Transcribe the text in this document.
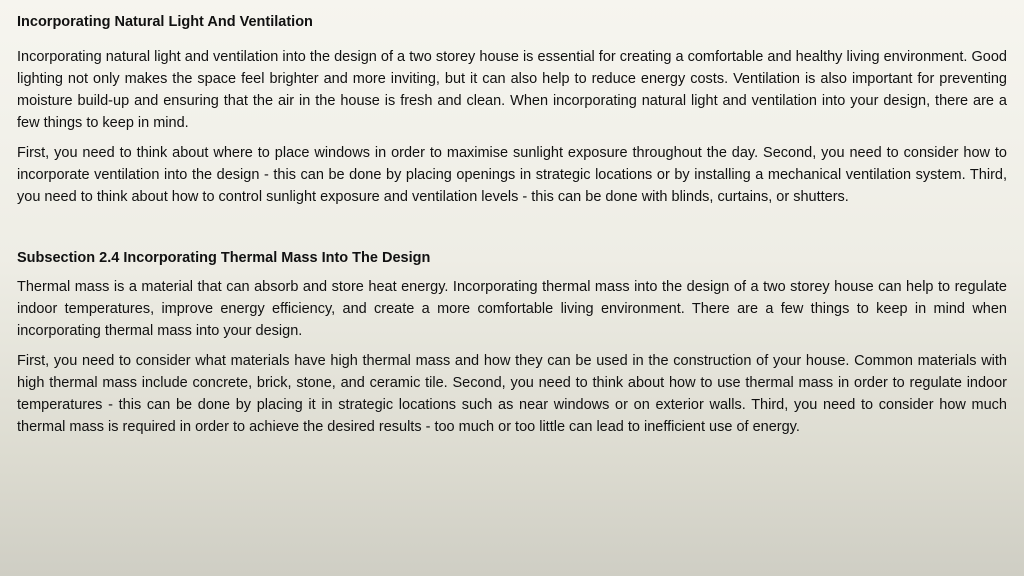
Incorporating Natural Light And Ventilation

Incorporating natural light and ventilation into the design of a two storey house is essential for creating a comfortable and healthy living environment. Good lighting not only makes the space feel brighter and more inviting, but it can also help to reduce energy costs. Ventilation is also important for preventing moisture build-up and ensuring that the air in the house is fresh and clean. When incorporating natural light and ventilation into your design, there are a few things to keep in mind.

First, you need to think about where to place windows in order to maximise sunlight exposure throughout the day. Second, you need to consider how to incorporate ventilation into the design - this can be done by placing openings in strategic locations or by installing a mechanical ventilation system. Third, you need to think about how to control sunlight exposure and ventilation levels - this can be done with blinds, curtains, or shutters.

Subsection 2.4 Incorporating Thermal Mass Into The Design

Thermal mass is a material that can absorb and store heat energy. Incorporating thermal mass into the design of a two storey house can help to regulate indoor temperatures, improve energy efficiency, and create a more comfortable living environment. There are a few things to keep in mind when incorporating thermal mass into your design.

First, you need to consider what materials have high thermal mass and how they can be used in the construction of your house. Common materials with high thermal mass include concrete, brick, stone, and ceramic tile. Second, you need to think about how to use thermal mass in order to regulate indoor temperatures - this can be done by placing it in strategic locations such as near windows or on exterior walls. Third, you need to consider how much thermal mass is required in order to achieve the desired results - too much or too little can lead to inefficient use of energy.
